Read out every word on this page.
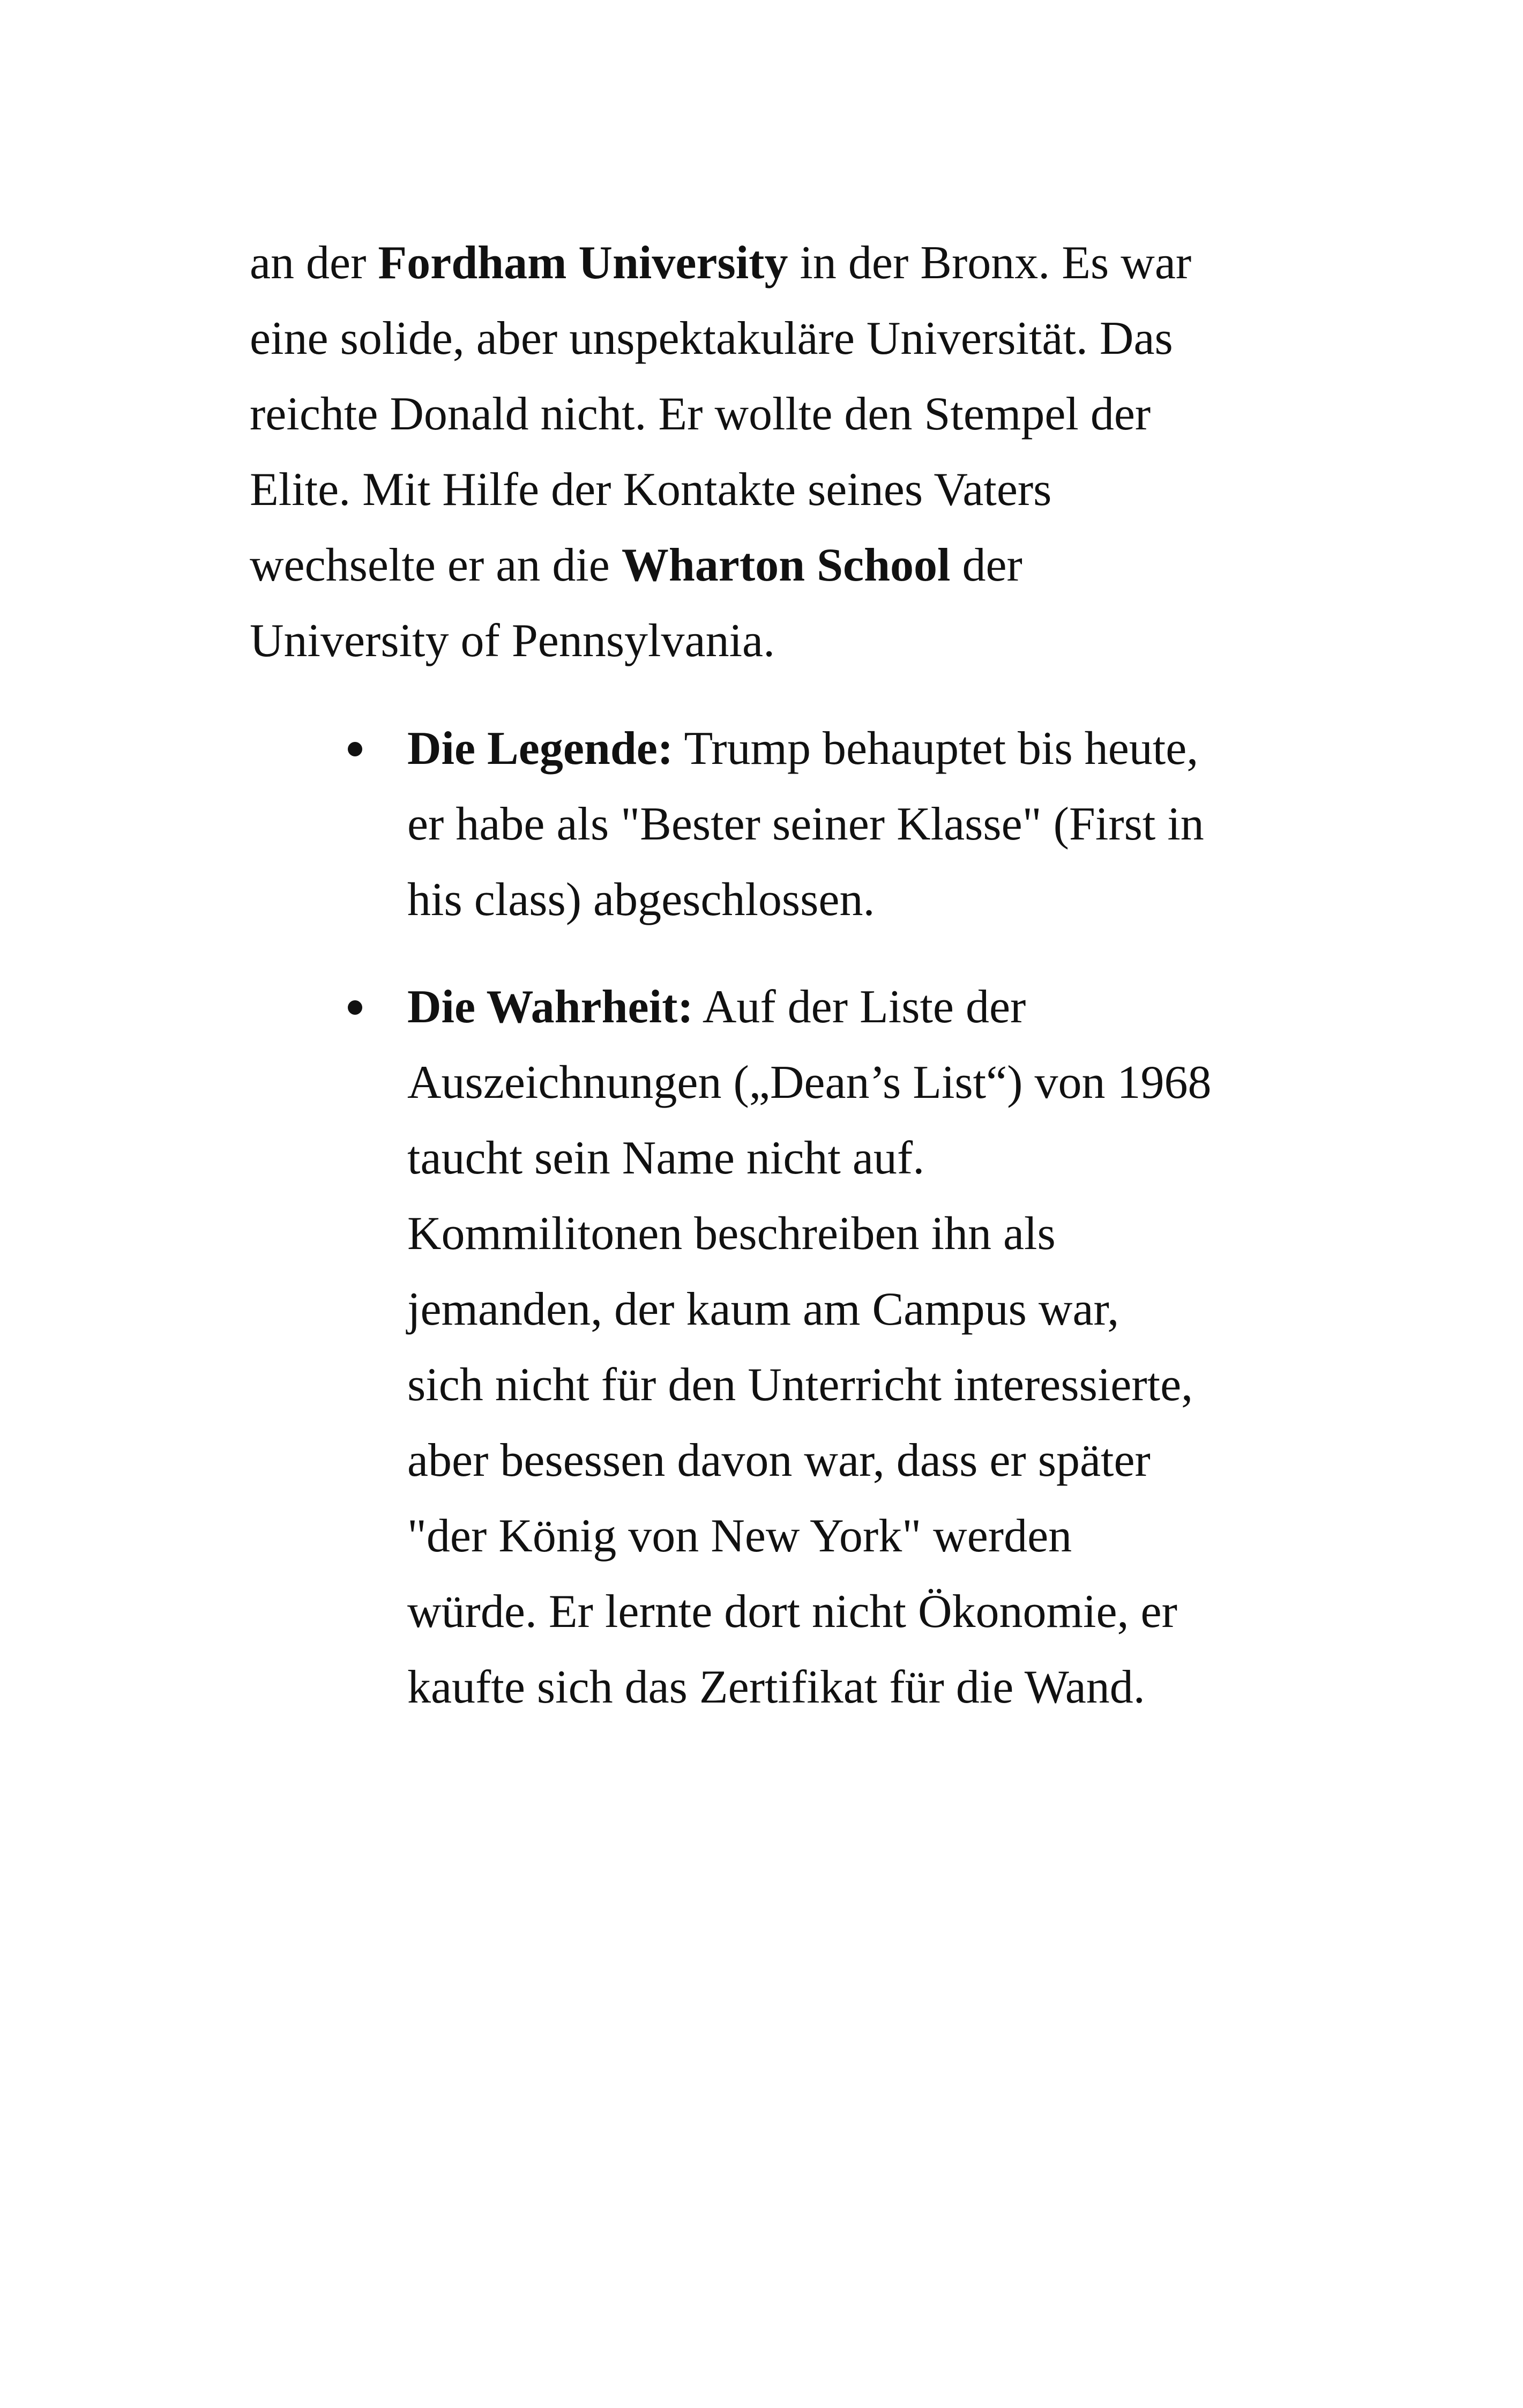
an der Fordham University in der Bronx. Es war
eine solide, aber unspektakuläre Universität. Das
reichte Donald nicht. Er wollte den Stempel der
Elite. Mit Hilfe der Kontakte seines Vaters
wechselte er an die Wharton School der
University of Pennsylvania.

Die Legende: Trump behauptet bis heute,
er habe als "Bester seiner Klasse" (First in
his class) abgeschlossen.
Die Wahrheit: Auf der Liste der
Auszeichnungen („Dean’s List“) von 1968
taucht sein Name nicht auf.
Kommilitonen beschreiben ihn als
jemanden, der kaum am Campus war,
sich nicht für den Unterricht interessierte,
aber besessen davon war, dass er später
"der König von New York" werden
würde. Er lernte dort nicht Ökonomie, er
kaufte sich das Zertifikat für die Wand.
